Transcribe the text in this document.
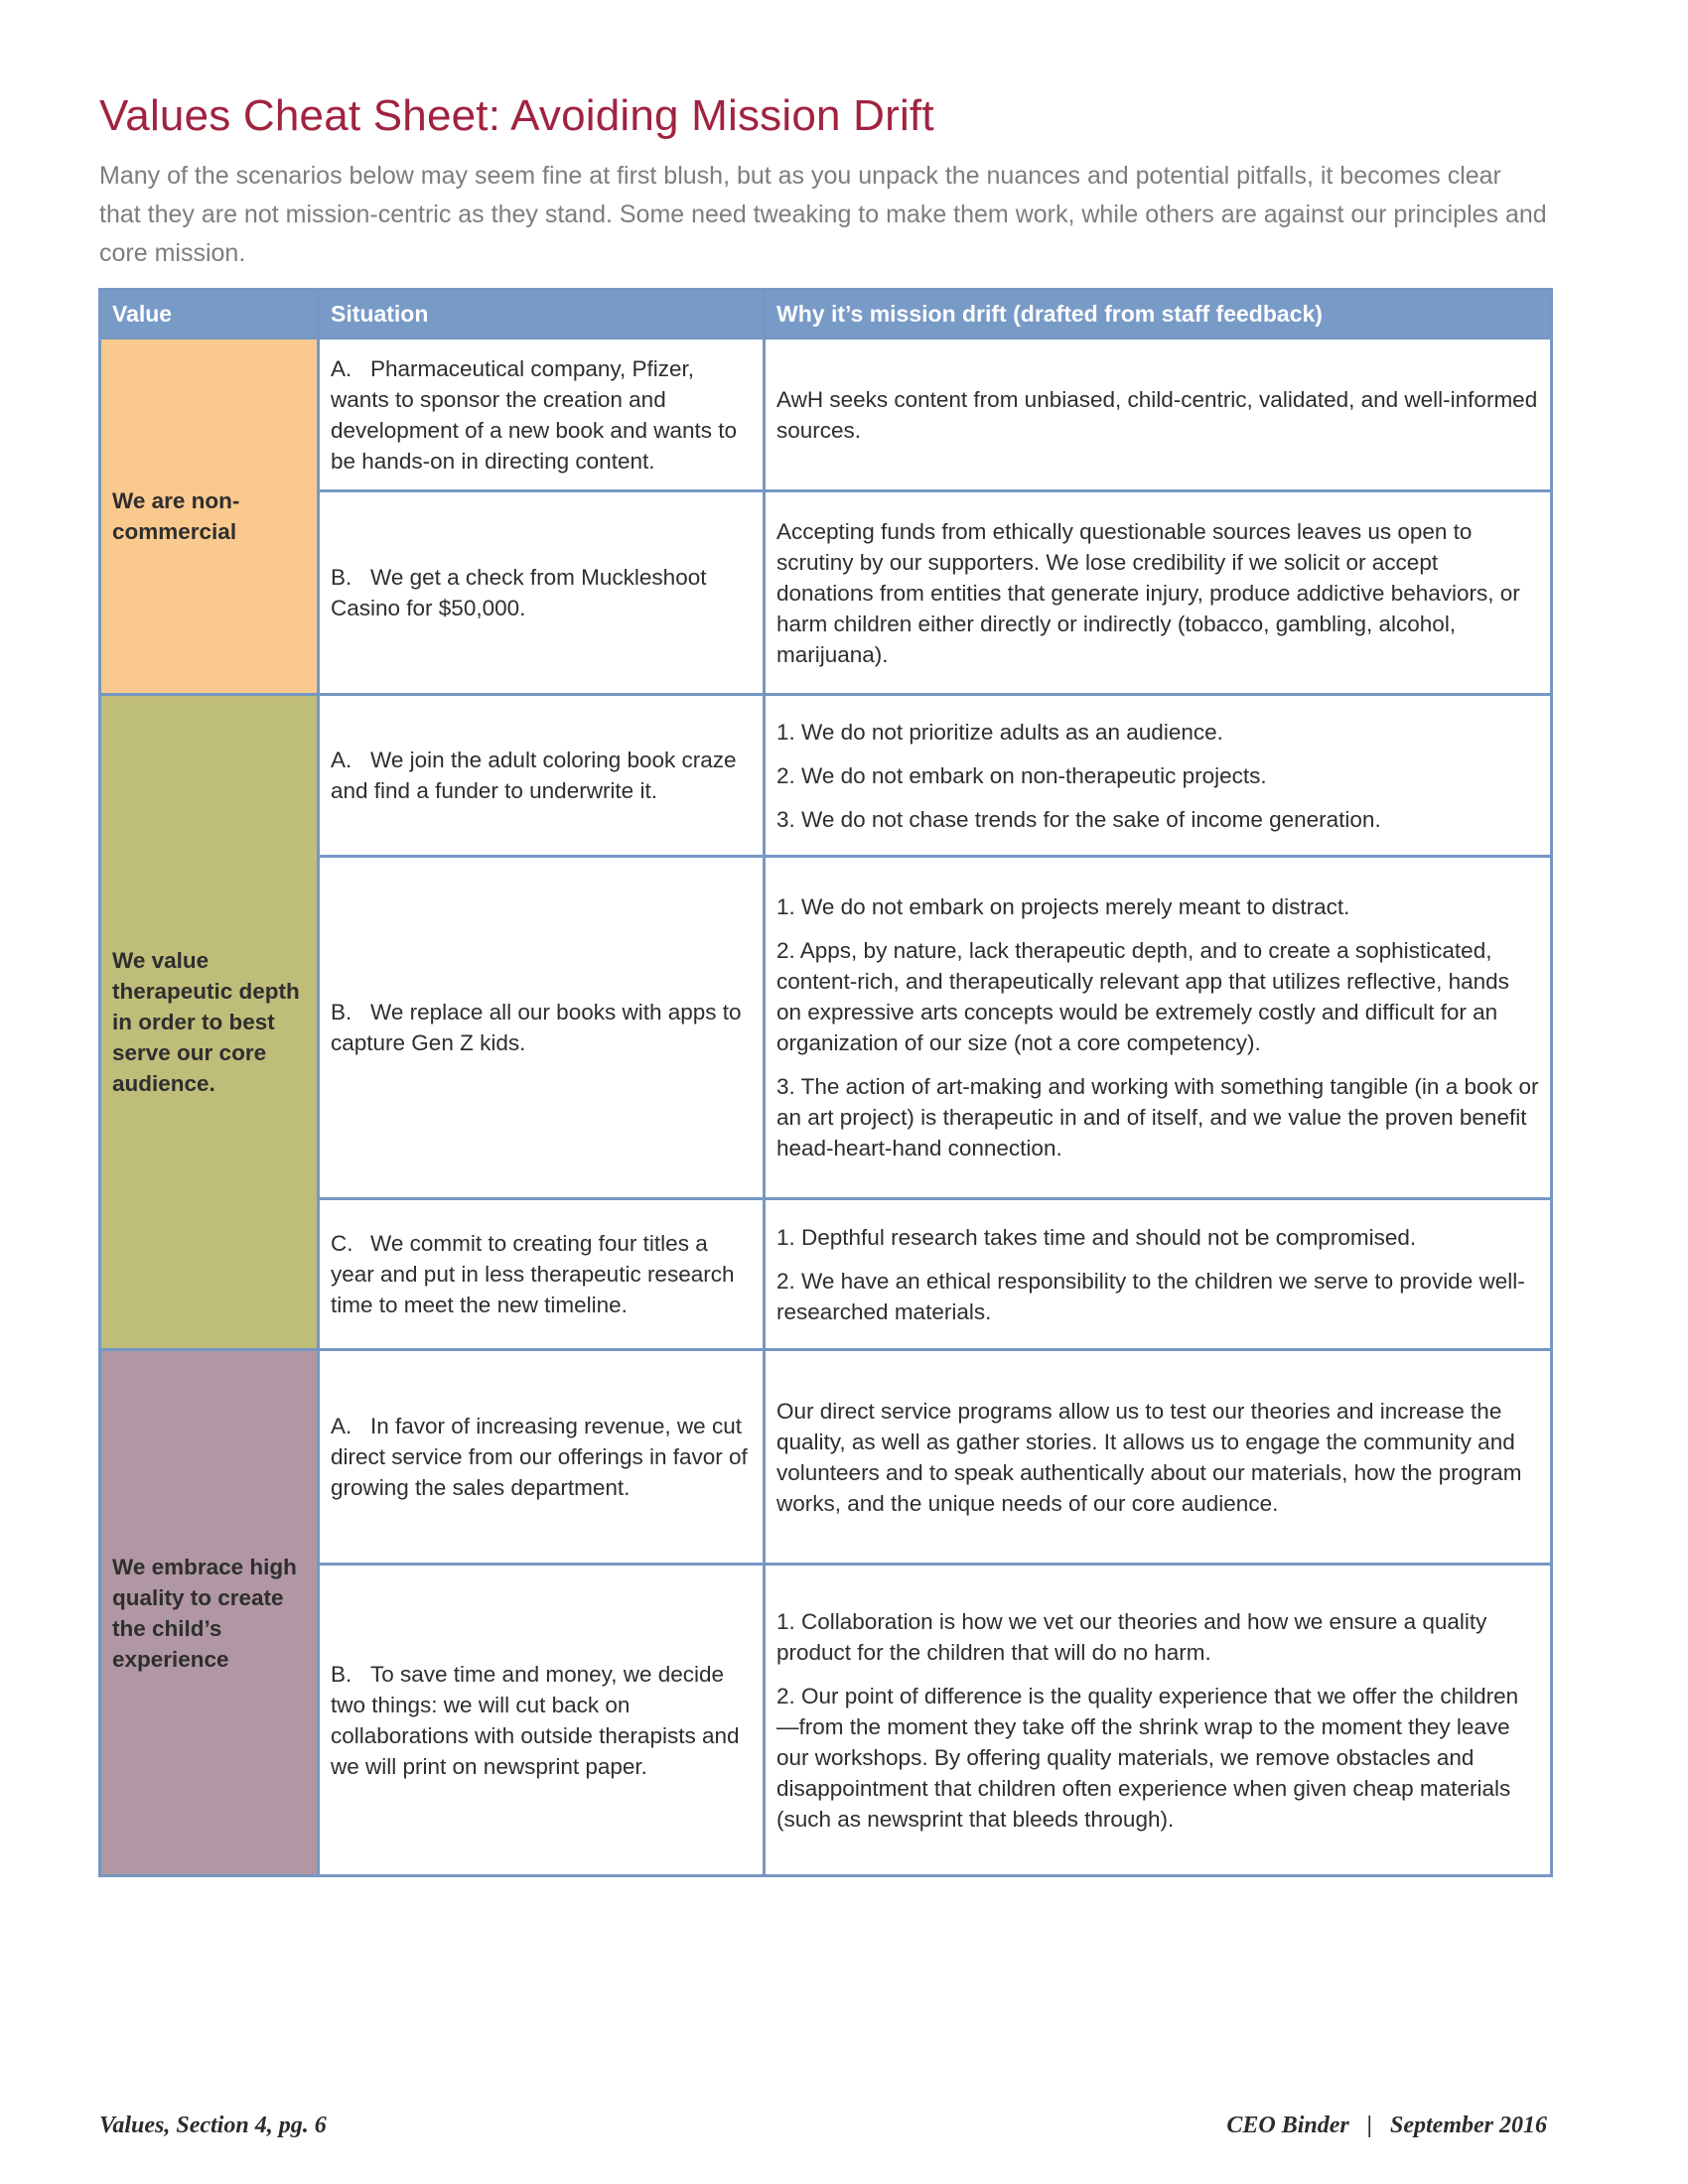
Values Cheat Sheet: Avoiding Mission Drift

Many of the scenarios below may seem fine at first blush, but as you unpack the nuances and potential pitfalls, it becomes clear that they are not mission-centric as they stand. Some need tweaking to make them work, while others are against our principles and core mission.

Value	Situation	Why it’s mission drift (drafted from staff feedback)
We are non-commercial	A. Pharmaceutical company, Pfizer, wants to sponsor the creation and development of a new book and wants to be hands-on in directing content.	AwH seeks content from unbiased, child-centric, validated, and well-informed sources.

	B. We get a check from Muckleshoot Casino for $50,000.	Accepting funds from ethically questionable sources leaves us open to scrutiny by our supporters. We lose credibility if we solicit or accept donations from entities that generate injury, produce addictive behaviors, or harm children either directly or indirectly (tobacco, gambling, alcohol, marijuana).

We value therapeutic depth in order to best serve our core audience.	A. We join the adult coloring book craze and find a funder to underwrite it.	1. We do not prioritize adults as an audience.

2. We do not embark on non-therapeutic projects.

3. We do not chase trends for the sake of income generation.

	B. We replace all our books with apps to capture Gen Z kids.	1. We do not embark on projects merely meant to distract.

2. Apps, by nature, lack therapeutic depth, and to create a sophisticated, content-rich, and therapeutically relevant app that utilizes reflective, hands on expressive arts concepts would be extremely costly and difficult for an organization of our size (not a core competency).

3. The action of art-making and working with something tangible (in a book or an art project) is therapeutic in and of itself, and we value the proven benefit head-heart-hand connection.

	C. We commit to creating four titles a year and put in less therapeutic research time to meet the new timeline.	1. Depthful research takes time and should not be compromised.

2. We have an ethical responsibility to the children we serve to provide well-researched materials.

We embrace high quality to create the child’s experience	A. In favor of increasing revenue, we cut direct service from our offerings in favor of growing the sales department.	Our direct service programs allow us to test our theories and increase the quality, as well as gather stories. It allows us to engage the community and volunteers and to speak authentically about our materials, how the program works, and the unique needs of our core audience.

	B. To save time and money, we decide two things: we will cut back on collaborations with outside therapists and we will print on newsprint paper.	1. Collaboration is how we vet our theories and how we ensure a quality product for the children that will do no harm.

2. Our point of difference is the quality experience that we offer the children—from the moment they take off the shrink wrap to the moment they leave our workshops. By offering quality materials, we remove obstacles and disappointment that children often experience when given cheap materials (such as newsprint that bleeds through).

Values, Section 4, pg. 6	CEO Binder   |   September 2016
